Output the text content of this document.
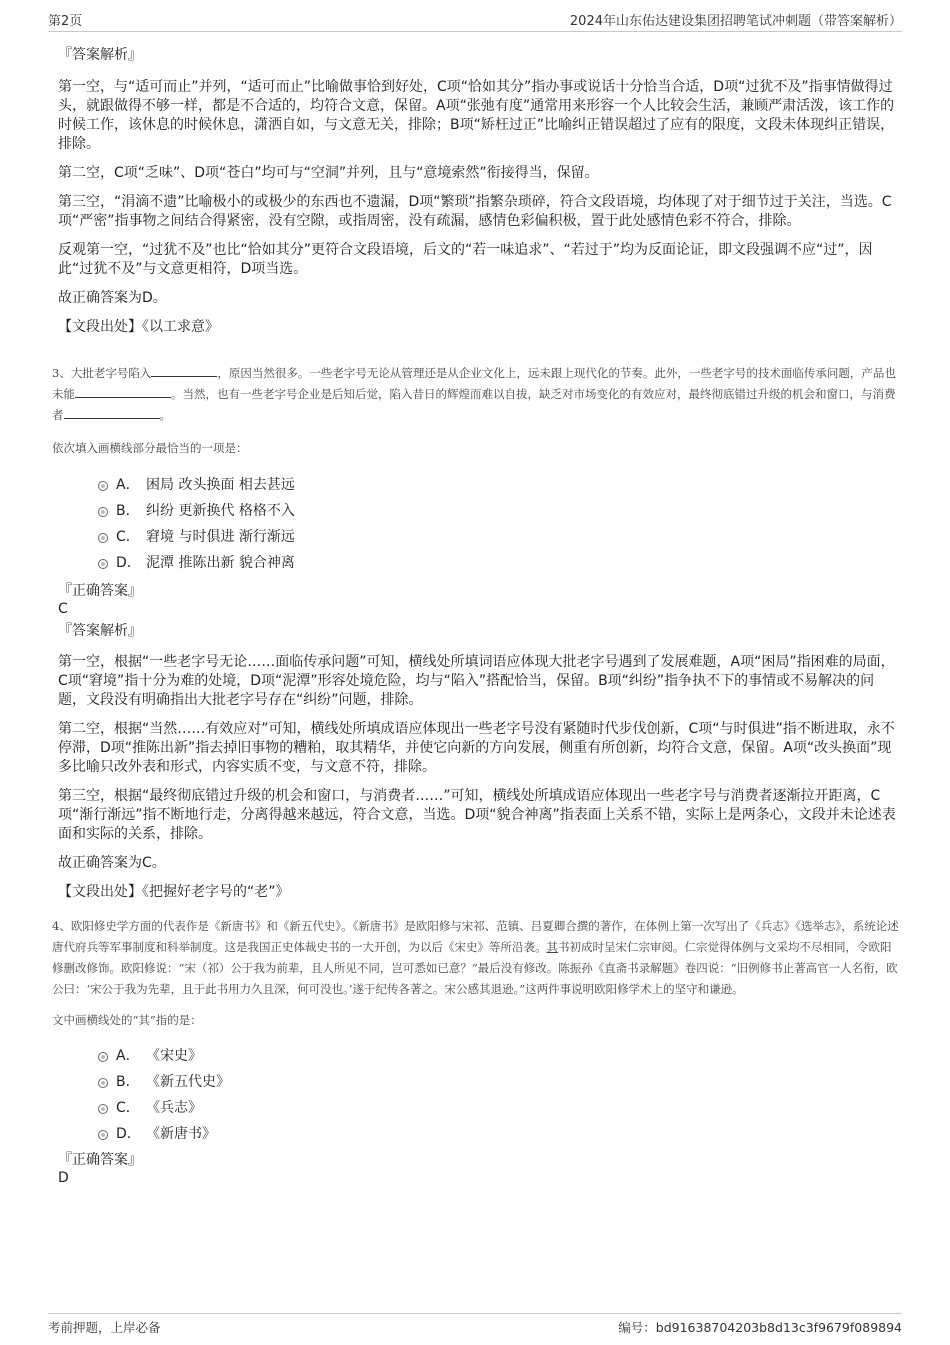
第2页	2024年山东佑达建设集团招聘笔试冲刺题（带答案解析）
『答案解析』

第一空，与“适可而止”并列，“适可而止”比喻做事恰到好处，C项“恰如其分”指办事或说话十分恰当合适，D项“过犹不及”指事情做得过头，就跟做得不够一样，都是不合适的，均符合文意，保留。A项“张弛有度”通常用来形容一个人比较会生活，兼顾严肃活泼，该工作的时候工作，该休息的时候休息，潇洒自如，与文意无关，排除；B项“矫枉过正”比喻纠正错误超过了应有的限度，文段未体现纠正错误，排除。

第二空，C项“乏味”、D项“苍白”均可与“空洞”并列，且与“意境索然”衔接得当，保留。

第三空，“涓滴不遗”比喻极小的或极少的东西也不遗漏，D项“繁琐”指繁杂琐碎，符合文段语境，均体现了对于细节过于关注，当选。C项“严密”指事物之间结合得紧密，没有空隙，或指周密，没有疏漏，感情色彩偏积极，置于此处感情色彩不符合，排除。

反观第一空，“过犹不及”也比“恰如其分”更符合文段语境，后文的“若一味追求”、“若过于”均为反面论证，即文段强调不应“过”，因此“过犹不及”与文意更相符，D项当选。

故正确答案为D。

【文段出处】《以工求意》

3、大批老字号陷入	，原因当然很多。一些老字号无论从管理还是从企业文化上，远未跟上现代化的节奏。此外，一些老字号的技术面临传承问题，产品也未能	。当然，也有一些老字号企业是后知后觉，陷入昔日的辉煌而难以自拔，缺乏对市场变化的有效应对，最终彻底错过升级的机会和窗口，与消费者	。

依次填入画横线部分最恰当的一项是：

A． 困局 改头换面 相去甚远
B． 纠纷 更新换代 格格不入
C． 窘境 与时俱进 渐行渐远
D． 泥潭 推陈出新 貌合神离
『正确答案』
C
『答案解析』

第一空，根据“一些老字号无论……面临传承问题”可知，横线处所填词语应体现大批老字号遇到了发展难题，A项“困局”指困难的局面，C项“窘境”指十分为难的处境，D项“泥潭”形容处境危险，均与“陷入”搭配恰当，保留。B项“纠纷”指争执不下的事情或不易解决的问题，文段没有明确指出大批老字号存在“纠纷”问题，排除。

第二空，根据“当然……有效应对”可知，横线处所填成语应体现出一些老字号没有紧随时代步伐创新，C项“与时俱进”指不断进取，永不停滞，D项“推陈出新”指去掉旧事物的糟粕，取其精华，并使它向新的方向发展，侧重有所创新，均符合文意，保留。A项“改头换面”现多比喻只改外表和形式，内容实质不变，与文意不符，排除。

第三空，根据“最终彻底错过升级的机会和窗口，与消费者……”可知，横线处所填成语应体现出一些老字号与消费者逐渐拉开距离，C项“渐行渐远”指不断地行走，分离得越来越远，符合文意，当选。D项“貌合神离”指表面上关系不错，实际上是两条心，文段并未论述表面和实际的关系，排除。

故正确答案为C。

【文段出处】《把握好老字号的“老”》

4、欧阳修史学方面的代表作是《新唐书》和《新五代史》。《新唐书》是欧阳修与宋祁、范镇、吕夏卿合撰的著作，在体例上第一次写出了《兵志》《选举志》，系统论述唐代府兵等军事制度和科举制度。这是我国正史体裁史书的一大开创，为以后《宋史》等所沿袭。其书初成时呈宋仁宗审阅。仁宗觉得体例与文采均不尽相同，令欧阳修删改修饰。欧阳修说：“宋（祁）公于我为前辈，且人所见不同，岂可悉如已意？”最后没有修改。陈振孙《直斋书录解题》卷四说：“旧例修书止著高官一人名衔，欧公曰：‘宋公于我为先辈，且于此书用力久且深，何可没也。’遂于纪传各著之。宋公感其退逊。”这两件事说明欧阳修学术上的坚守和谦逊。

文中画横线处的“其”指的是：

A． 《宋史》
B． 《新五代史》
C． 《兵志》
D． 《新唐书》
『正确答案』
D
考前押题，上岸必备	编号：bd91638704203b8d13c3f9679f089894
